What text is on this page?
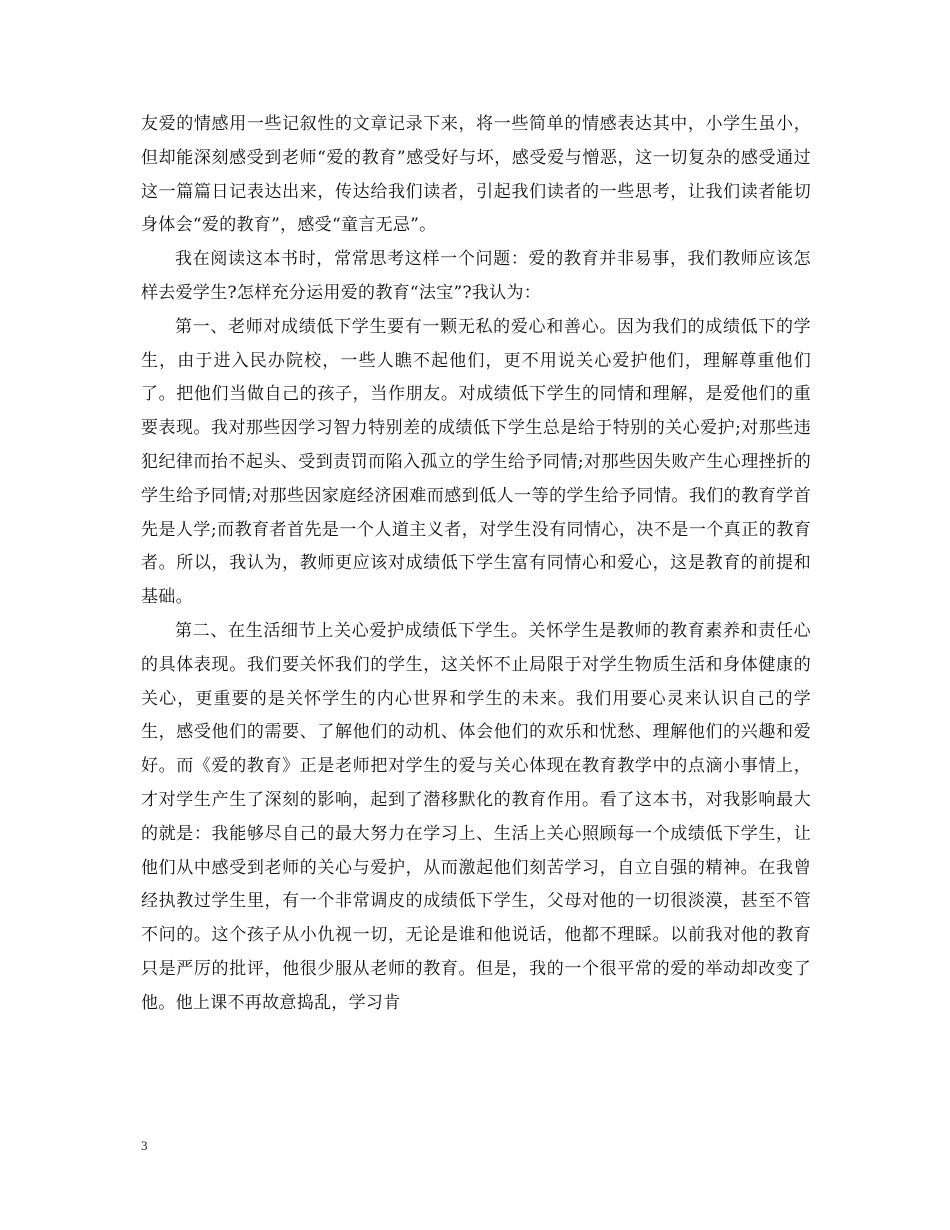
友爱的情感用一些记叙性的文章记录下来，将一些简单的情感表达其中，小学生虽小，但却能深刻感受到老师“爱的教育”感受好与坏，感受爱与憎恶，这一切复杂的感受通过这一篇篇日记表达出来，传达给我们读者，引起我们读者的一些思考，让我们读者能切身体会“爱的教育”，感受“童言无忌”。

我在阅读这本书时，常常思考这样一个问题：爱的教育并非易事，我们教师应该怎样去爱学生?怎样充分运用爱的教育“法宝”?我认为：

第一、老师对成绩低下学生要有一颗无私的爱心和善心。因为我们的成绩低下的学生，由于进入民办院校，一些人瞧不起他们，更不用说关心爱护他们，理解尊重他们了。把他们当做自己的孩子，当作朋友。对成绩低下学生的同情和理解，是爱他们的重要表现。我对那些因学习智力特别差的成绩低下学生总是给于特别的关心爱护;对那些违犯纪律而抬不起头、受到责罚而陷入孤立的学生给予同情;对那些因失败产生心理挫折的学生给予同情;对那些因家庭经济困难而感到低人一等的学生给予同情。我们的教育学首先是人学;而教育者首先是一个人道主义者，对学生没有同情心，决不是一个真正的教育者。所以，我认为，教师更应该对成绩低下学生富有同情心和爱心，这是教育的前提和基础。

第二、在生活细节上关心爱护成绩低下学生。关怀学生是教师的教育素养和责任心的具体表现。我们要关怀我们的学生，这关怀不止局限于对学生物质生活和身体健康的关心，更重要的是关怀学生的内心世界和学生的未来。我们用要心灵来认识自己的学生，感受他们的需要、了解他们的动机、体会他们的欢乐和忧愁、理解他们的兴趣和爱好。而《爱的教育》正是老师把对学生的爱与关心体现在教育教学中的点滴小事情上，才对学生产生了深刻的影响，起到了潜移默化的教育作用。看了这本书，对我影响最大的就是：我能够尽自己的最大努力在学习上、生活上关心照顾每一个成绩低下学生，让他们从中感受到老师的关心与爱护，从而激起他们刻苦学习，自立自强的精神。在我曾经执教过学生里，有一个非常调皮的成绩低下学生，父母对他的一切很淡漠，甚至不管不问的。这个孩子从小仇视一切，无论是谁和他说话，他都不理睬。以前我对他的教育只是严厉的批评，他很少服从老师的教育。但是，我的一个很平常的爱的举动却改变了他。他上课不再故意捣乱，学习肯

3
